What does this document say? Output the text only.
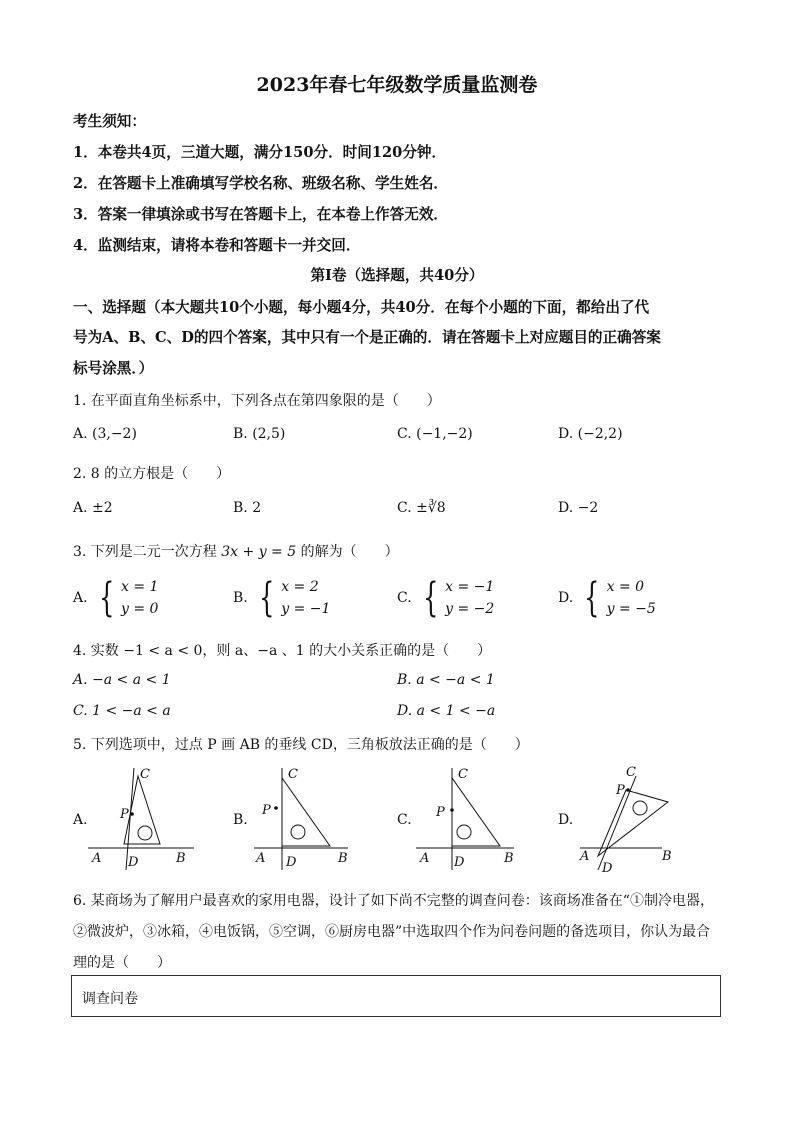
2023年春七年级数学质量监测卷
考生须知：
1．本卷共4页，三道大题，满分150分．时间120分钟．
2．在答题卡上准确填写学校名称、班级名称、学生姓名．
3．答案一律填涂或书写在答题卡上，在本卷上作答无效．
4．监测结束，请将本卷和答题卡一并交回．
第Ⅰ卷（选择题，共40分）
一、选择题（本大题共10个小题，每小题4分，共40分．在每个小题的下面，都给出了代
号为A、B、C、D的四个答案，其中只有一个是正确的．请在答题卡上对应题目的正确答案
标号涂黑．）
1. 在平面直角坐标系中，下列各点在第四象限的是（　　）
A. (3,−2)	B. (2,5)	C. (−1,−2)	D. (−2,2)
2. 8 的立方根是（　　）
A. ±2	B. 2	C. ±∛8	D. −2
3. 下列是二元一次方程 3x + y = 5 的解为（　　）
A. { x = 1
y = 0
B. { x = 2
y = −1
C. { x = −1
y = −2
D. { x = 0
y = −5
4. 实数 −1 < a < 0，则 a、−a 、1 的大小关系正确的是（　　）
A. −a < a < 1	B. a < −a < 1
C. 1 < −a < a	D. a < 1 < −a
5. 下列选项中，过点 P 画 AB 的垂线 CD，三角板放法正确的是（　　）
A.	B.	C.	D.
C
P
A D	B
C
P
A D	B
C
P
A D	B
C
P
A
D
B
6. 某商场为了解用户最喜欢的家用电器，设计了如下尚不完整的调查问卷：该商场准备在“①制冷电器，
②微波炉，③冰箱，④电饭锅，⑤空调，⑥厨房电器”中选取四个作为问卷问题的备选项目，你认为最合
理的是（　　）
调查问卷
